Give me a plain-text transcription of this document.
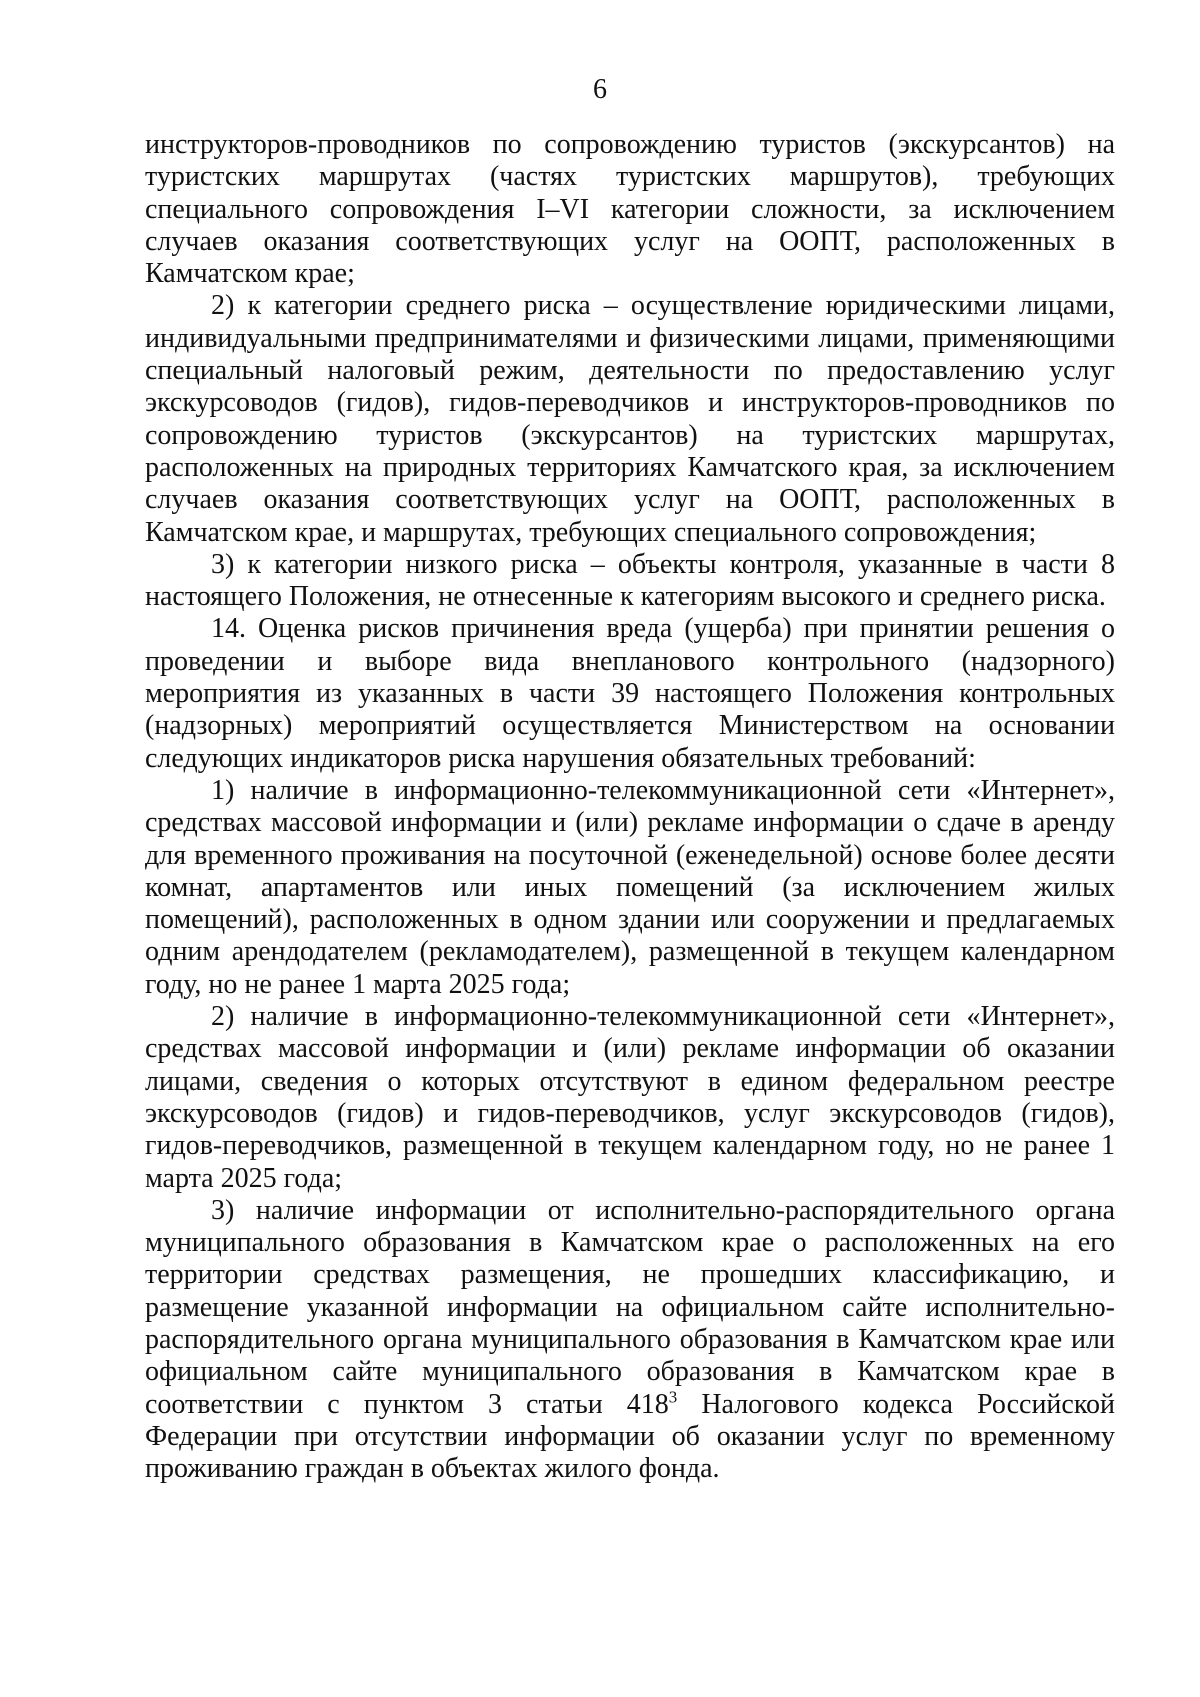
6

инструкторов-проводников по сопровождению туристов (экскурсантов) на туристских маршрутах (частях туристских маршрутов), требующих специального сопровождения I–VI категории сложности, за исключением случаев оказания соответствующих услуг на ООПТ, расположенных в Камчатском крае;

2) к категории среднего риска – осуществление юридическими лицами, индивидуальными предпринимателями и физическими лицами, применяющими специальный налоговый режим, деятельности по предоставлению услуг экскурсоводов (гидов), гидов-переводчиков и инструкторов-проводников по сопровождению туристов (экскурсантов) на туристских маршрутах, расположенных на природных территориях Камчатского края, за исключением случаев оказания соответствующих услуг на ООПТ, расположенных в Камчатском крае, и маршрутах, требующих специального сопровождения;

3) к категории низкого риска – объекты контроля, указанные в части 8 настоящего Положения, не отнесенные к категориям высокого и среднего риска.

14. Оценка рисков причинения вреда (ущерба) при принятии решения о проведении и выборе вида внепланового контрольного (надзорного) мероприятия из указанных в части 39 настоящего Положения контрольных (надзорных) мероприятий осуществляется Министерством на основании следующих индикаторов риска нарушения обязательных требований:

1) наличие в информационно-телекоммуникационной сети «Интернет», средствах массовой информации и (или) рекламе информации о сдаче в аренду для временного проживания на посуточной (еженедельной) основе более десяти комнат, апартаментов или иных помещений (за исключением жилых помещений), расположенных в одном здании или сооружении и предлагаемых одним арендодателем (рекламодателем), размещенной в текущем календарном году, но не ранее 1 марта 2025 года;

2) наличие в информационно-телекоммуникационной сети «Интернет», средствах массовой информации и (или) рекламе информации об оказании лицами, сведения о которых отсутствуют в едином федеральном реестре экскурсоводов (гидов) и гидов-переводчиков, услуг экскурсоводов (гидов), гидов-переводчиков, размещенной в текущем календарном году, но не ранее 1 марта 2025 года;

3) наличие информации от исполнительно-распорядительного органа муниципального образования в Камчатском крае о расположенных на его территории средствах размещения, не прошедших классификацию, и размещение указанной информации на официальном сайте исполнительно-распорядительного органа муниципального образования в Камчатском крае или официальном сайте муниципального образования в Камчатском крае в соответствии с пунктом 3 статьи $418^3$ Налогового кодекса Российской Федерации при отсутствии информации об оказании услуг по временному проживанию граждан в объектах жилого фонда.
